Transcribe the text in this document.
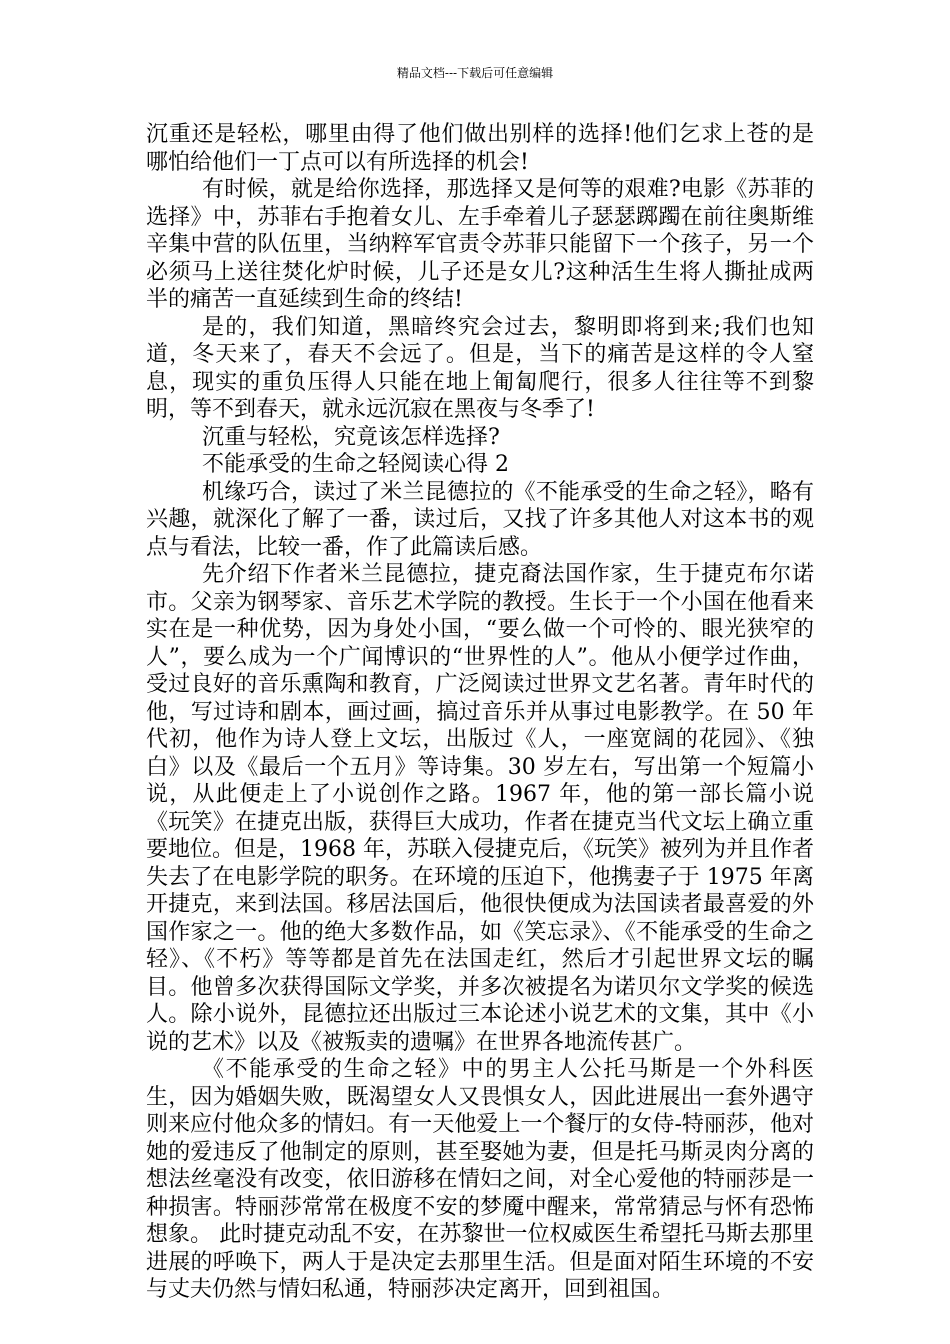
精品文档---下载后可任意编辑

沉重还是轻松，哪里由得了他们做出别样的选择!他们乞求上苍的是哪怕给他们一丁点可以有所选择的机会!

有时候，就是给你选择，那选择又是何等的艰难?电影《苏菲的选择》中，苏菲右手抱着女儿、左手牵着儿子瑟瑟踯躅在前往奥斯维辛集中营的队伍里，当纳粹军官责令苏菲只能留下一个孩子，另一个必须马上送往焚化炉时候，儿子还是女儿?这种活生生将人撕扯成两半的痛苦一直延续到生命的终结!

是的，我们知道，黑暗终究会过去，黎明即将到来;我们也知道，冬天来了，春天不会远了。但是，当下的痛苦是这样的令人窒息，现实的重负压得人只能在地上匍匐爬行，很多人往往等不到黎明，等不到春天，就永远沉寂在黑夜与冬季了!

沉重与轻松，究竟该怎样选择?

不能承受的生命之轻阅读心得 2

机缘巧合，读过了米兰昆德拉的《不能承受的生命之轻》，略有兴趣，就深化了解了一番，读过后，又找了许多其他人对这本书的观点与看法，比较一番，作了此篇读后感。

先介绍下作者米兰昆德拉，捷克裔法国作家，生于捷克布尔诺市。父亲为钢琴家、音乐艺术学院的教授。生长于一个小国在他看来实在是一种优势，因为身处小国，“要么做一个可怜的、眼光狭窄的人”，要么成为一个广闻博识的“世界性的人”。他从小便学过作曲，受过良好的音乐熏陶和教育，广泛阅读过世界文艺名著。青年时代的他，写过诗和剧本，画过画，搞过音乐并从事过电影教学。在 50 年代初，他作为诗人登上文坛，出版过《人，一座宽阔的花园》、《独白》以及《最后一个五月》等诗集。30 岁左右，写出第一个短篇小说，从此便走上了小说创作之路。1967 年，他的第一部长篇小说《玩笑》在捷克出版，获得巨大成功，作者在捷克当代文坛上确立重要地位。但是，1968 年，苏联入侵捷克后，《玩笑》被列为并且作者失去了在电影学院的职务。在环境的压迫下，他携妻子于 1975 年离开捷克，来到法国。移居法国后，他很快便成为法国读者最喜爱的外国作家之一。他的绝大多数作品，如《笑忘录》、《不能承受的生命之轻》、《不朽》等等都是首先在法国走红，然后才引起世界文坛的瞩目。他曾多次获得国际文学奖，并多次被提名为诺贝尔文学奖的候选人。除小说外，昆德拉还出版过三本论述小说艺术的文集，其中《小说的艺术》以及《被叛卖的遗嘱》在世界各地流传甚广。

《不能承受的生命之轻》中的男主人公托马斯是一个外科医生，因为婚姻失败，既渴望女人又畏惧女人，因此进展出一套外遇守则来应付他众多的情妇。有一天他爱上一个餐厅的女侍-特丽莎，他对她的爱违反了他制定的原则，甚至娶她为妻，但是托马斯灵肉分离的想法丝毫没有改变，依旧游移在情妇之间，对全心爱他的特丽莎是一种损害。特丽莎常常在极度不安的梦魇中醒来，常常猜忌与怀有恐怖想象。 此时捷克动乱不安，在苏黎世一位权威医生希望托马斯去那里进展的呼唤下，两人于是决定去那里生活。但是面对陌生环境的不安与丈夫仍然与情妇私通，特丽莎决定离开，回到祖国。
